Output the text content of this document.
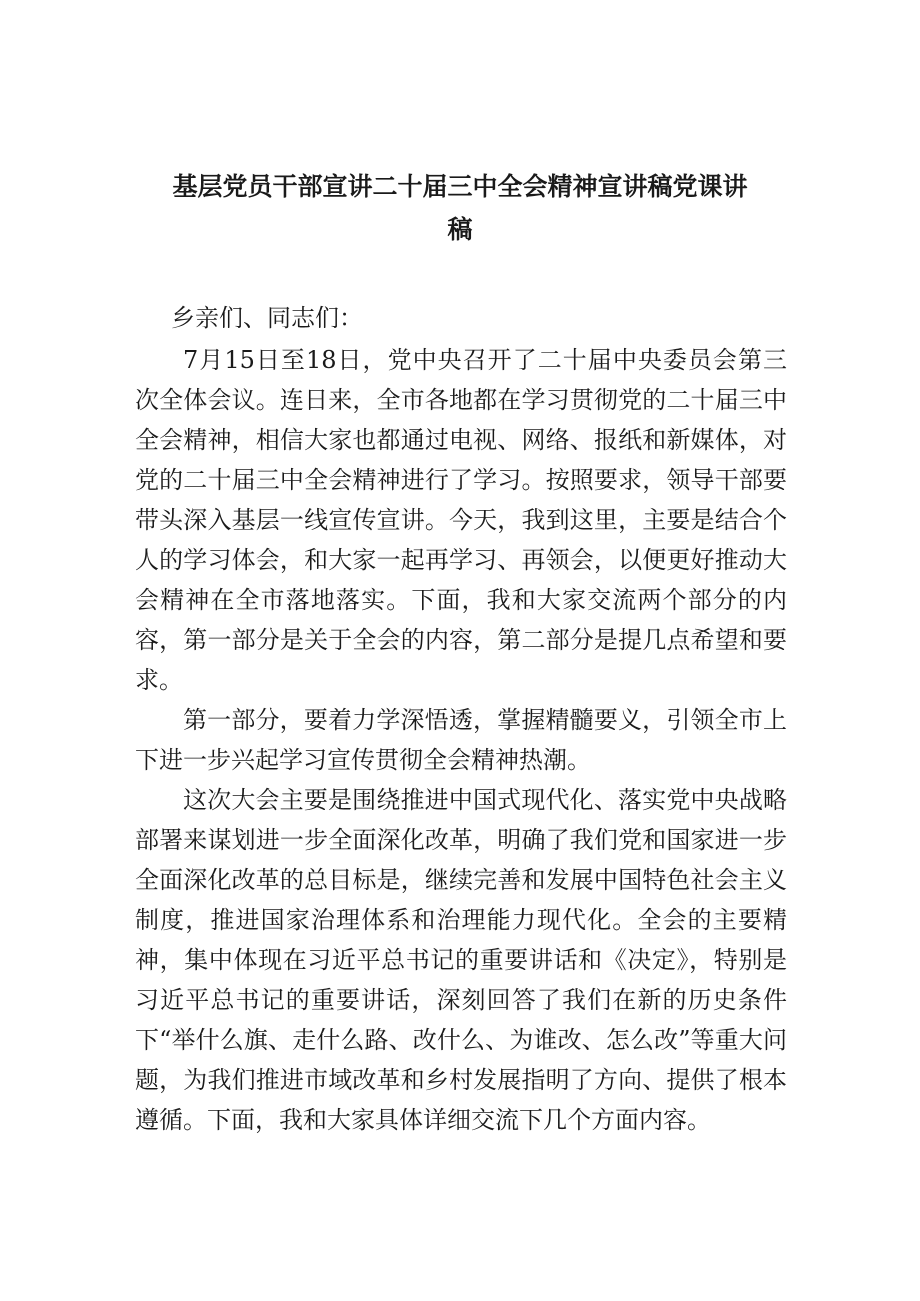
基层党员干部宣讲二十届三中全会精神宣讲稿党课讲
稿

乡亲们、同志们：

7月15日至18日，党中央召开了二十届中央委员会第三次全体会议。连日来，全市各地都在学习贯彻党的二十届三中全会精神，相信大家也都通过电视、网络、报纸和新媒体，对党的二十届三中全会精神进行了学习。按照要求，领导干部要带头深入基层一线宣传宣讲。今天，我到这里，主要是结合个人的学习体会，和大家一起再学习、再领会，以便更好推动大会精神在全市落地落实。下面，我和大家交流两个部分的内容，第一部分是关于全会的内容，第二部分是提几点希望和要求。

第一部分，要着力学深悟透，掌握精髓要义，引领全市上下进一步兴起学习宣传贯彻全会精神热潮。

这次大会主要是围绕推进中国式现代化、落实党中央战略部署来谋划进一步全面深化改革，明确了我们党和国家进一步全面深化改革的总目标是，继续完善和发展中国特色社会主义制度，推进国家治理体系和治理能力现代化。全会的主要精神，集中体现在习近平总书记的重要讲话和《决定》，特别是习近平总书记的重要讲话，深刻回答了我们在新的历史条件下“举什么旗、走什么路、改什么、为谁改、怎么改”等重大问题，为我们推进市域改革和乡村发展指明了方向、提供了根本遵循。下面，我和大家具体详细交流下几个方面内容。
